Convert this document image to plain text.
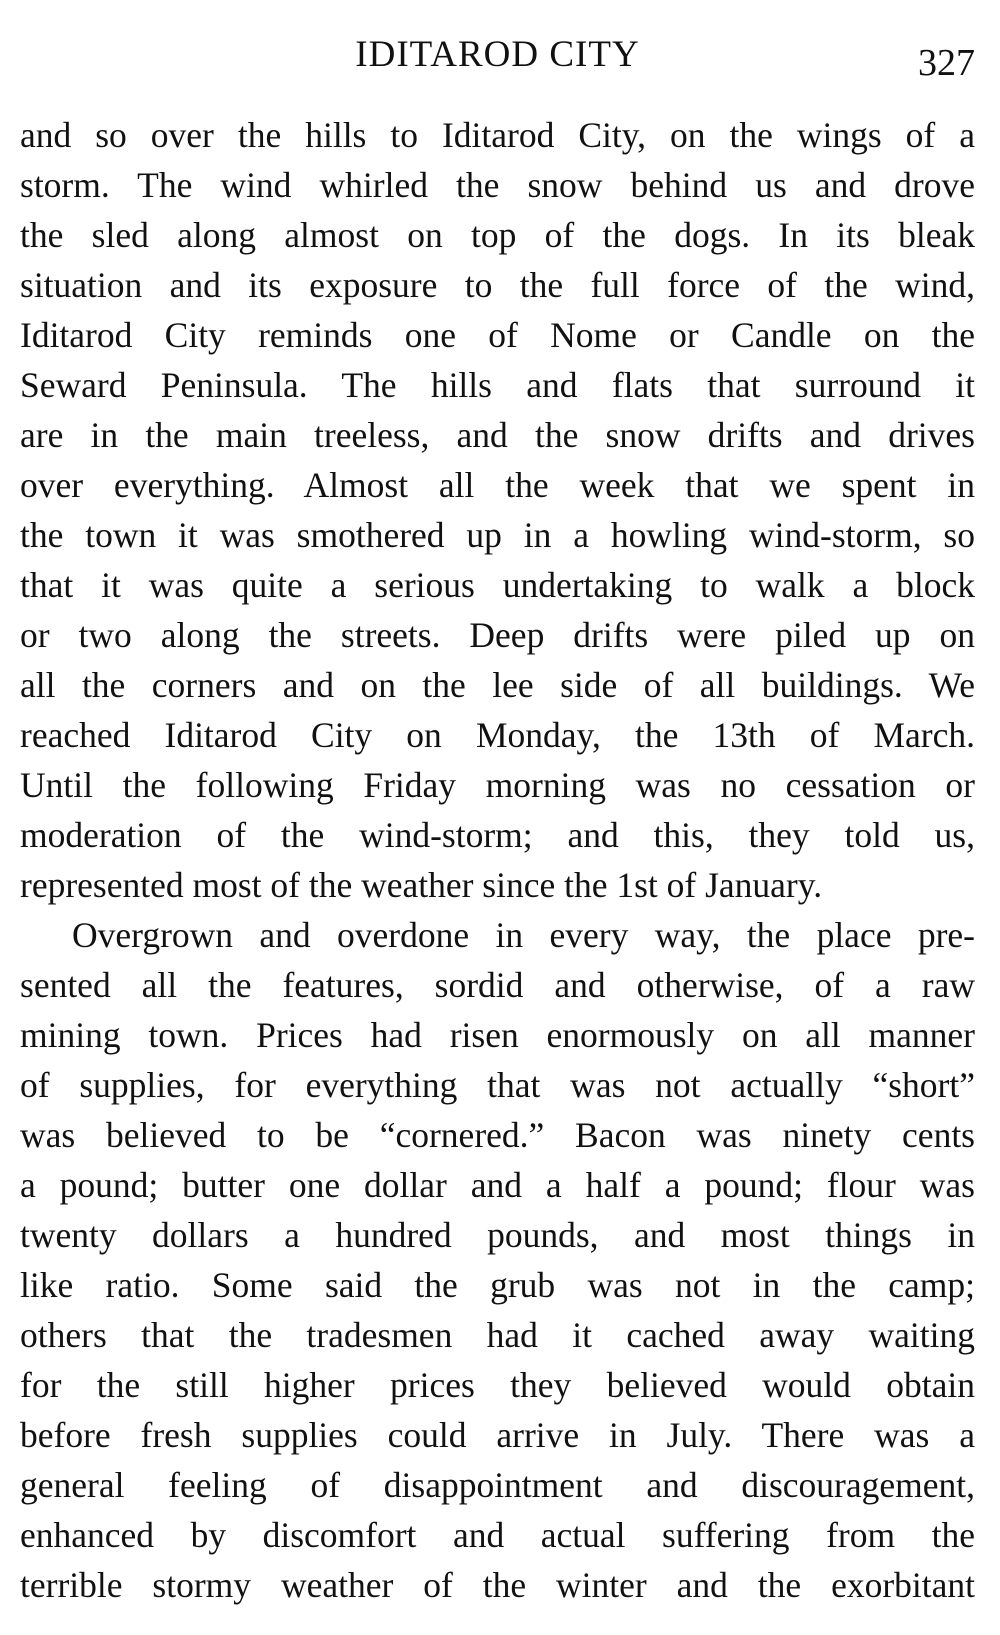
IDITAROD CITY	327
and so over the hills to Iditarod City, on the wings of a
storm. The wind whirled the snow behind us and drove
the sled along almost on top of the dogs. In its bleak
situation and its exposure to the full force of the wind,
Iditarod City reminds one of Nome or Candle on the
Seward Peninsula. The hills and flats that surround it
are in the main treeless, and the snow drifts and drives
over everything. Almost all the week that we spent in
the town it was smothered up in a howling wind-storm, so
that it was quite a serious undertaking to walk a block
or two along the streets. Deep drifts were piled up on
all the corners and on the lee side of all buildings. We
reached Iditarod City on Monday, the 13th of March.
Until the following Friday morning was no cessation or
moderation of the wind-storm; and this, they told us,
represented most of the weather since the 1st of January.
Overgrown and overdone in every way, the place pre-
sented all the features, sordid and otherwise, of a raw
mining town. Prices had risen enormously on all manner
of supplies, for everything that was not actually “short”
was believed to be “cornered.” Bacon was ninety cents
a pound; butter one dollar and a half a pound; flour was
twenty dollars a hundred pounds, and most things in
like ratio. Some said the grub was not in the camp;
others that the tradesmen had it cached away waiting
for the still higher prices they believed would obtain
before fresh supplies could arrive in July. There was a
general feeling of disappointment and discouragement,
enhanced by discomfort and actual suffering from the
terrible stormy weather of the winter and the exorbitant
